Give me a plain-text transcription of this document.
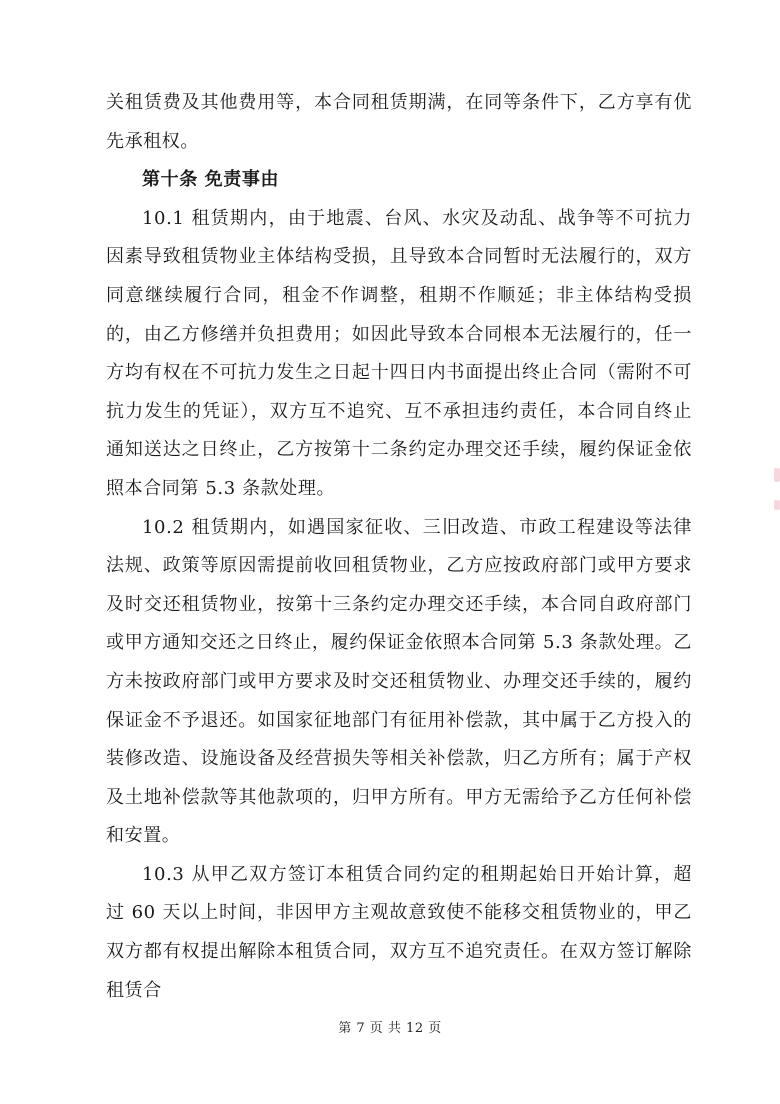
关租赁费及其他费用等，本合同租赁期满，在同等条件下，乙方享有优先承租权。

第十条 免责事由

10.1 租赁期内，由于地震、台风、水灾及动乱、战争等不可抗力因素导致租赁物业主体结构受损，且导致本合同暂时无法履行的，双方同意继续履行合同，租金不作调整，租期不作顺延；非主体结构受损的，由乙方修缮并负担费用；如因此导致本合同根本无法履行的，任一方均有权在不可抗力发生之日起十四日内书面提出终止合同（需附不可抗力发生的凭证），双方互不追究、互不承担违约责任，本合同自终止通知送达之日终止，乙方按第十二条约定办理交还手续，履约保证金依照本合同第 5.3 条款处理。

10.2 租赁期内，如遇国家征收、三旧改造、市政工程建设等法律法规、政策等原因需提前收回租赁物业，乙方应按政府部门或甲方要求及时交还租赁物业，按第十三条约定办理交还手续，本合同自政府部门或甲方通知交还之日终止，履约保证金依照本合同第 5.3 条款处理。乙方未按政府部门或甲方要求及时交还租赁物业、办理交还手续的，履约保证金不予退还。如国家征地部门有征用补偿款，其中属于乙方投入的装修改造、设施设备及经营损失等相关补偿款，归乙方所有；属于产权及土地补偿款等其他款项的，归甲方所有。甲方无需给予乙方任何补偿和安置。

10.3 从甲乙双方签订本租赁合同约定的租期起始日开始计算，超过 60 天以上时间，非因甲方主观故意致使不能移交租赁物业的，甲乙双方都有权提出解除本租赁合同，双方互不追究责任。在双方签订解除租赁合

第 7 页 共 12 页
